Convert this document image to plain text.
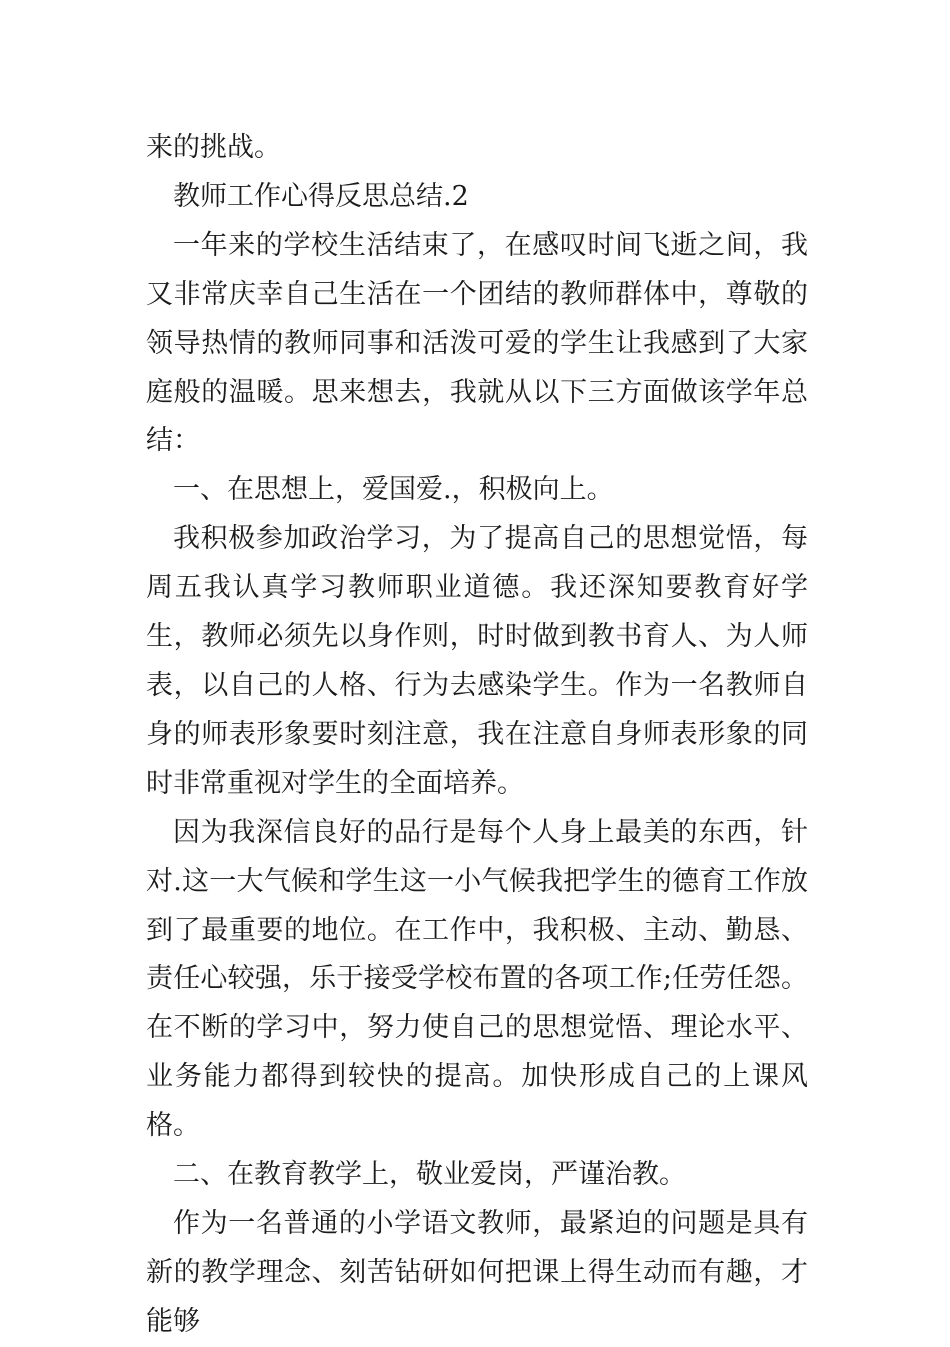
来的挑战。

教师工作心得反思总结.2

一年来的学校生活结束了，在感叹时间飞逝之间，我又非常庆幸自己生活在一个团结的教师群体中，尊敬的领导热情的教师同事和活泼可爱的学生让我感到了大家庭般的温暖。思来想去，我就从以下三方面做该学年总结：

一、在思想上，爱国爱.，积极向上。

我积极参加政治学习，为了提高自己的思想觉悟，每周五我认真学习教师职业道德。我还深知要教育好学生，教师必须先以身作则，时时做到教书育人、为人师表，以自己的人格、行为去感染学生。作为一名教师自身的师表形象要时刻注意，我在注意自身师表形象的同时非常重视对学生的全面培养。

因为我深信良好的品行是每个人身上最美的东西，针对.这一大气候和学生这一小气候我把学生的德育工作放到了最重要的地位。在工作中，我积极、主动、勤恳、责任心较强，乐于接受学校布置的各项工作;任劳任怨。在不断的学习中，努力使自己的思想觉悟、理论水平、业务能力都得到较快的提高。加快形成自己的上课风格。

二、在教育教学上，敬业爱岗，严谨治教。

作为一名普通的小学语文教师，最紧迫的问题是具有新的教学理念、刻苦钻研如何把课上得生动而有趣，才能够
